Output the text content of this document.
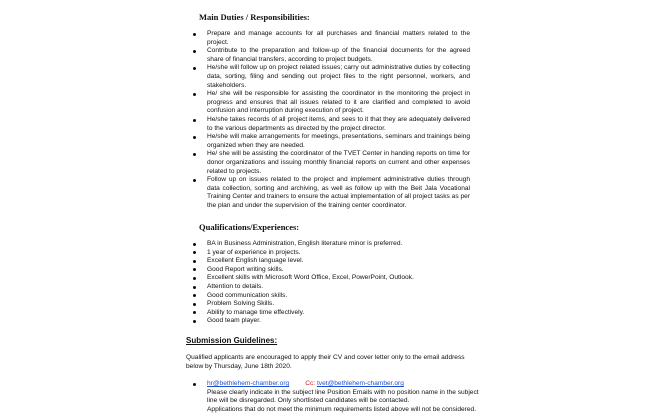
Main Duties / Responsibilities:
Prepare and manage accounts for all purchases and financial matters related to the project.
Contribute to the preparation and follow-up of the financial documents for the agreed share of financial transfers, according to project budgets.
He/she will follow up on project related issues; carry out administrative duties by collecting data, sorting, filing and sending out project files to the right personnel, workers, and stakeholders.
He/ she will be responsible for assisting the coordinator in the monitoring the project in progress and ensures that all issues related to it are clarified and completed to avoid confusion and interruption during execution of project.
He/she takes records of all project items, and sees to it that they are adequately delivered to the various departments as directed by the project director.
He/she will make arrangements for meetings, presentations, seminars and trainings being organized when they are needed.
He/ she will be assisting the coordinator of the TVET Center in handing reports on time for donor organizations and issuing monthly financial reports on current and other expenses related to projects.
Follow up on issues related to the project and implement administrative duties through data collection, sorting and archiving, as well as follow up with the Beit Jala Vocational Training Center and trainers to ensure the actual implementation of all project tasks as per the plan and under the supervision of the training center coordinator.
Qualifications/Experiences:
BA in Business Administration, English literature minor is preferred.
1 year of experience in projects.
Excellent English language level.
Good Report writing skills.
Excellent skills with Microsoft Word Office, Excel, PowerPoint, Outlook.
Attention to details.
Good communication skills.
Problem Solving Skills.
Ability to manage time effectively.
Good team player.
Submission Guidelines:
Qualified applicants are encouraged to apply their CV and cover letter only to the email address below by Thursday, June 18th 2020.
hr@bethlehem-chamber.org Cc: tvet@bethlehem-chamber.org
Please clearly indicate in the subject line Position Emails with no position name in the subject line will be disregarded. Only shortlisted candidates will be contacted.
Applications that do not meet the minimum requirements listed above will not be considered.
